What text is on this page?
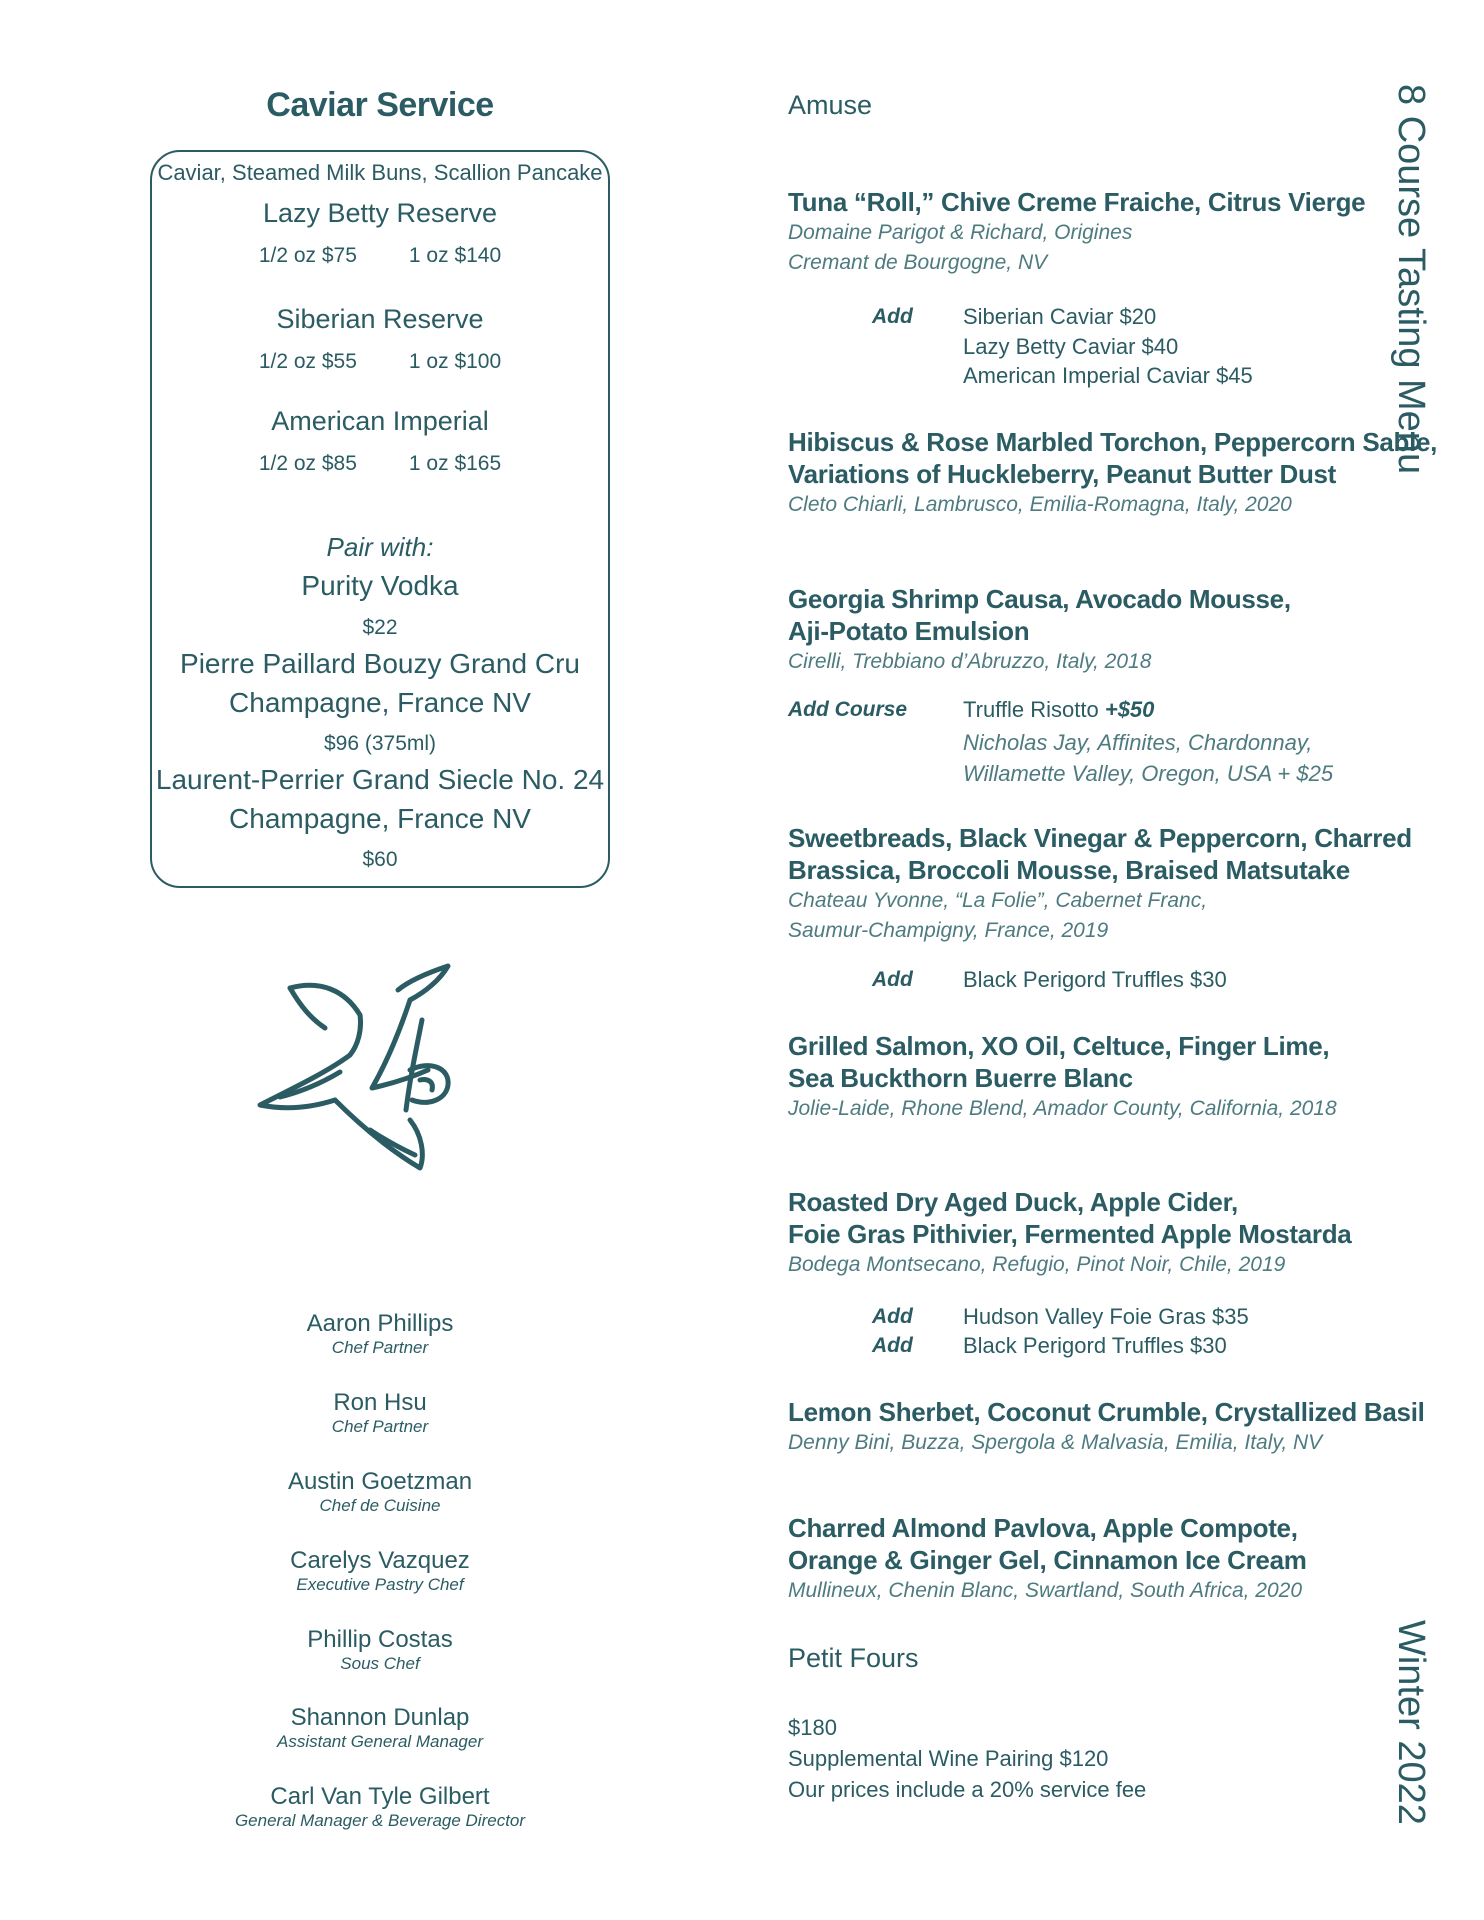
Caviar Service
Caviar, Steamed Milk Buns, Scallion Pancake
Lazy Betty Reserve
1/2 oz $75 1 oz $140
Siberian Reserve
1/2 oz $55 1 oz $100
American Imperial
1/2 oz $85 1 oz $165
Pair with:
Purity Vodka
$22
Pierre Paillard Bouzy Grand Cru
Champagne, France NV
$96 (375ml)
Laurent-Perrier Grand Siecle No. 24
Champagne, France NV
$60
Aaron Phillips
Chef Partner
Ron Hsu
Chef Partner
Austin Goetzman
Chef de Cuisine
Carelys Vazquez
Executive Pastry Chef
Phillip Costas
Sous Chef
Shannon Dunlap
Assistant General Manager
Carl Van Tyle Gilbert
General Manager & Beverage Director
Amuse
Tuna “Roll,” Chive Creme Fraiche, Citrus Vierge
Domaine Parigot & Richard, Origines
Cremant de Bourgogne, NV
Add Siberian Caviar $20
Lazy Betty Caviar $40
American Imperial Caviar $45
Hibiscus & Rose Marbled Torchon, Peppercorn Sable,
Variations of Huckleberry, Peanut Butter Dust
Cleto Chiarli, Lambrusco, Emilia-Romagna, Italy, 2020
Georgia Shrimp Causa, Avocado Mousse,
Aji-Potato Emulsion
Cirelli, Trebbiano d’Abruzzo, Italy, 2018
Add Course	Truffle Risotto +$50
Nicholas Jay, Affinites, Chardonnay,
Willamette Valley, Oregon, USA + $25
Sweetbreads, Black Vinegar & Peppercorn, Charred
Brassica, Broccoli Mousse, Braised Matsutake
Chateau Yvonne, “La Folie”, Cabernet Franc,
Saumur-Champigny, France, 2019
Add Black Perigord Truffles $30
Grilled Salmon, XO Oil, Celtuce, Finger Lime,
Sea Buckthorn Buerre Blanc
Jolie-Laide, Rhone Blend, Amador County, California, 2018
Roasted Dry Aged Duck, Apple Cider,
Foie Gras Pithivier, Fermented Apple Mostarda
Bodega Montsecano, Refugio, Pinot Noir, Chile, 2019
Add Hudson Valley Foie Gras $35
Add Black Perigord Truffles $30
Lemon Sherbet, Coconut Crumble, Crystallized Basil
Denny Bini, Buzza, Spergola & Malvasia, Emilia, Italy, NV
Charred Almond Pavlova, Apple Compote,
Orange & Ginger Gel, Cinnamon Ice Cream
Mullineux, Chenin Blanc, Swartland, South Africa, 2020
Petit Fours
$180
Supplemental Wine Pairing $120
Our prices include a 20% service fee
8 Course Tasting Menu
Winter 2022
